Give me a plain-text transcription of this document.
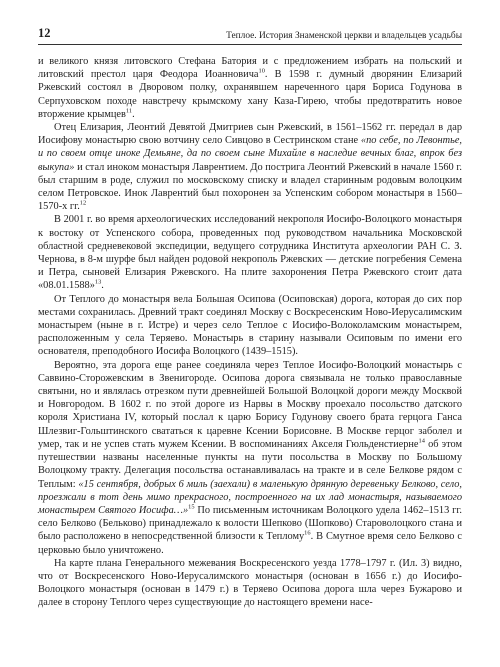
12	Теплое. История Знаменской церкви и владельцев усадьбы

и великого князя литовского Стефана Батория и с предложением избрать на польский и литовский престол царя Феодора Иоанновича$^{10}$. В 1598 г. думный дворянин Елизарий Ржевский состоял в Дворовом полку, охранявшем нареченного царя Бориса Годунова в Серпуховском походе навстречу крымскому хану Каза-Гирею, чтобы предотвратить новое вторжение крымцев$^{11}$.

Отец Елизария, Леонтий Девятой Дмитриев сын Ржевский, в 1561–1562 гг. передал в дар Иосифову монастырю свою вотчину село Сивцово в Сестринском стане «по себе, по Левонтье, и по своем отце иноке Демьяне, да по своем сыне Михайле в наследие вечных благ, впрок без выкупа» и стал иноком монастыря Лаврентием. До пострига Леонтий Ржевский в начале 1560 г. был старшим в роде, служил по московскому списку и владел старинным родовым волоцким селом Петровское. Инок Лаврентий был похоронен за Успенским собором монастыря в 1560–1570-х гг.$^{12}$

В 2001 г. во время археологических исследований некрополя Иосифо-Волоцкого монастыря к востоку от Успенского собора, проведенных под руководством начальника Московской областной средневековой экспедиции, ведущего сотрудника Института археологии РАН С. З. Чернова, в 8-м шурфе был найден родовой некрополь Ржевских — детские погребения Семена и Петра, сыновей Елизария Ржевского. На плите захоронения Петра Ржевского стоит дата «08.01.1588»$^{13}$.

От Теплого до монастыря вела Большая Осипова (Осиповская) дорога, которая до сих пор местами сохранилась. Древний тракт соединял Москву с Воскресенским Ново-Иерусалимским монастырем (ныне в г. Истре) и через село Теплое с Иосифо-Волоколамским монастырем, расположенным у села Теряево. Монастырь в старину называли Осиповым по имени его основателя, преподобного Иосифа Волоцкого (1439–1515).

Вероятно, эта дорога еще ранее соединяла через Теплое Иосифо-Волоцкий монастырь с Саввино-Сторожевским в Звенигороде. Осипова дорога связывала не только православные святыни, но и являлась отрезком пути древнейшей Большой Волоцкой дороги между Москвой и Новгородом. В 1602 г. по этой дороге из Нарвы в Москву проехало посольство датского короля Христиана IV, который послал к царю Борису Годунову своего брата герцога Ганса Шлезвиг-Гольштинского свататься к царевне Ксении Борисовне. В Москве герцог заболел и умер, так и не успев стать мужем Ксении. В воспоминаниях Акселя Гюльденстиерне$^{14}$ об этом путешествии названы населенные пункты на пути посольства в Москву по Большому Волоцкому тракту. Делегация посольства останавливалась на тракте и в селе Белкове рядом с Теплым: «15 сентября, добрых 6 миль (заехали) в маленькую дрянную деревеньку Белково, село, проезжали в тот день мимо прекрасного, построенного на их лад монастыря, называемого монастырем Святого Иосифа…»$^{15}$ По письменным источникам Волоцкого удела 1462–1513 гг. село Белково (Бельково) принадлежало к волости Шепково (Шопково) Староволоцкого стана и было расположено в непосредственной близости к Теплому$^{16}$. В Смутное время село Белково с церковью было уничтожено.

На карте плана Генерального межевания Воскресенского уезда 1778–1797 г. (Ил. 3) видно, что от Воскресенского Ново-Иерусалимского монастыря (основан в 1656 г.) до Иосифо-Волоцкого монастыря (основан в 1479 г.) в Теряево Осипова дорога шла через Бужарово и далее в сторону Теплого через существующие до настоящего времени насе-
